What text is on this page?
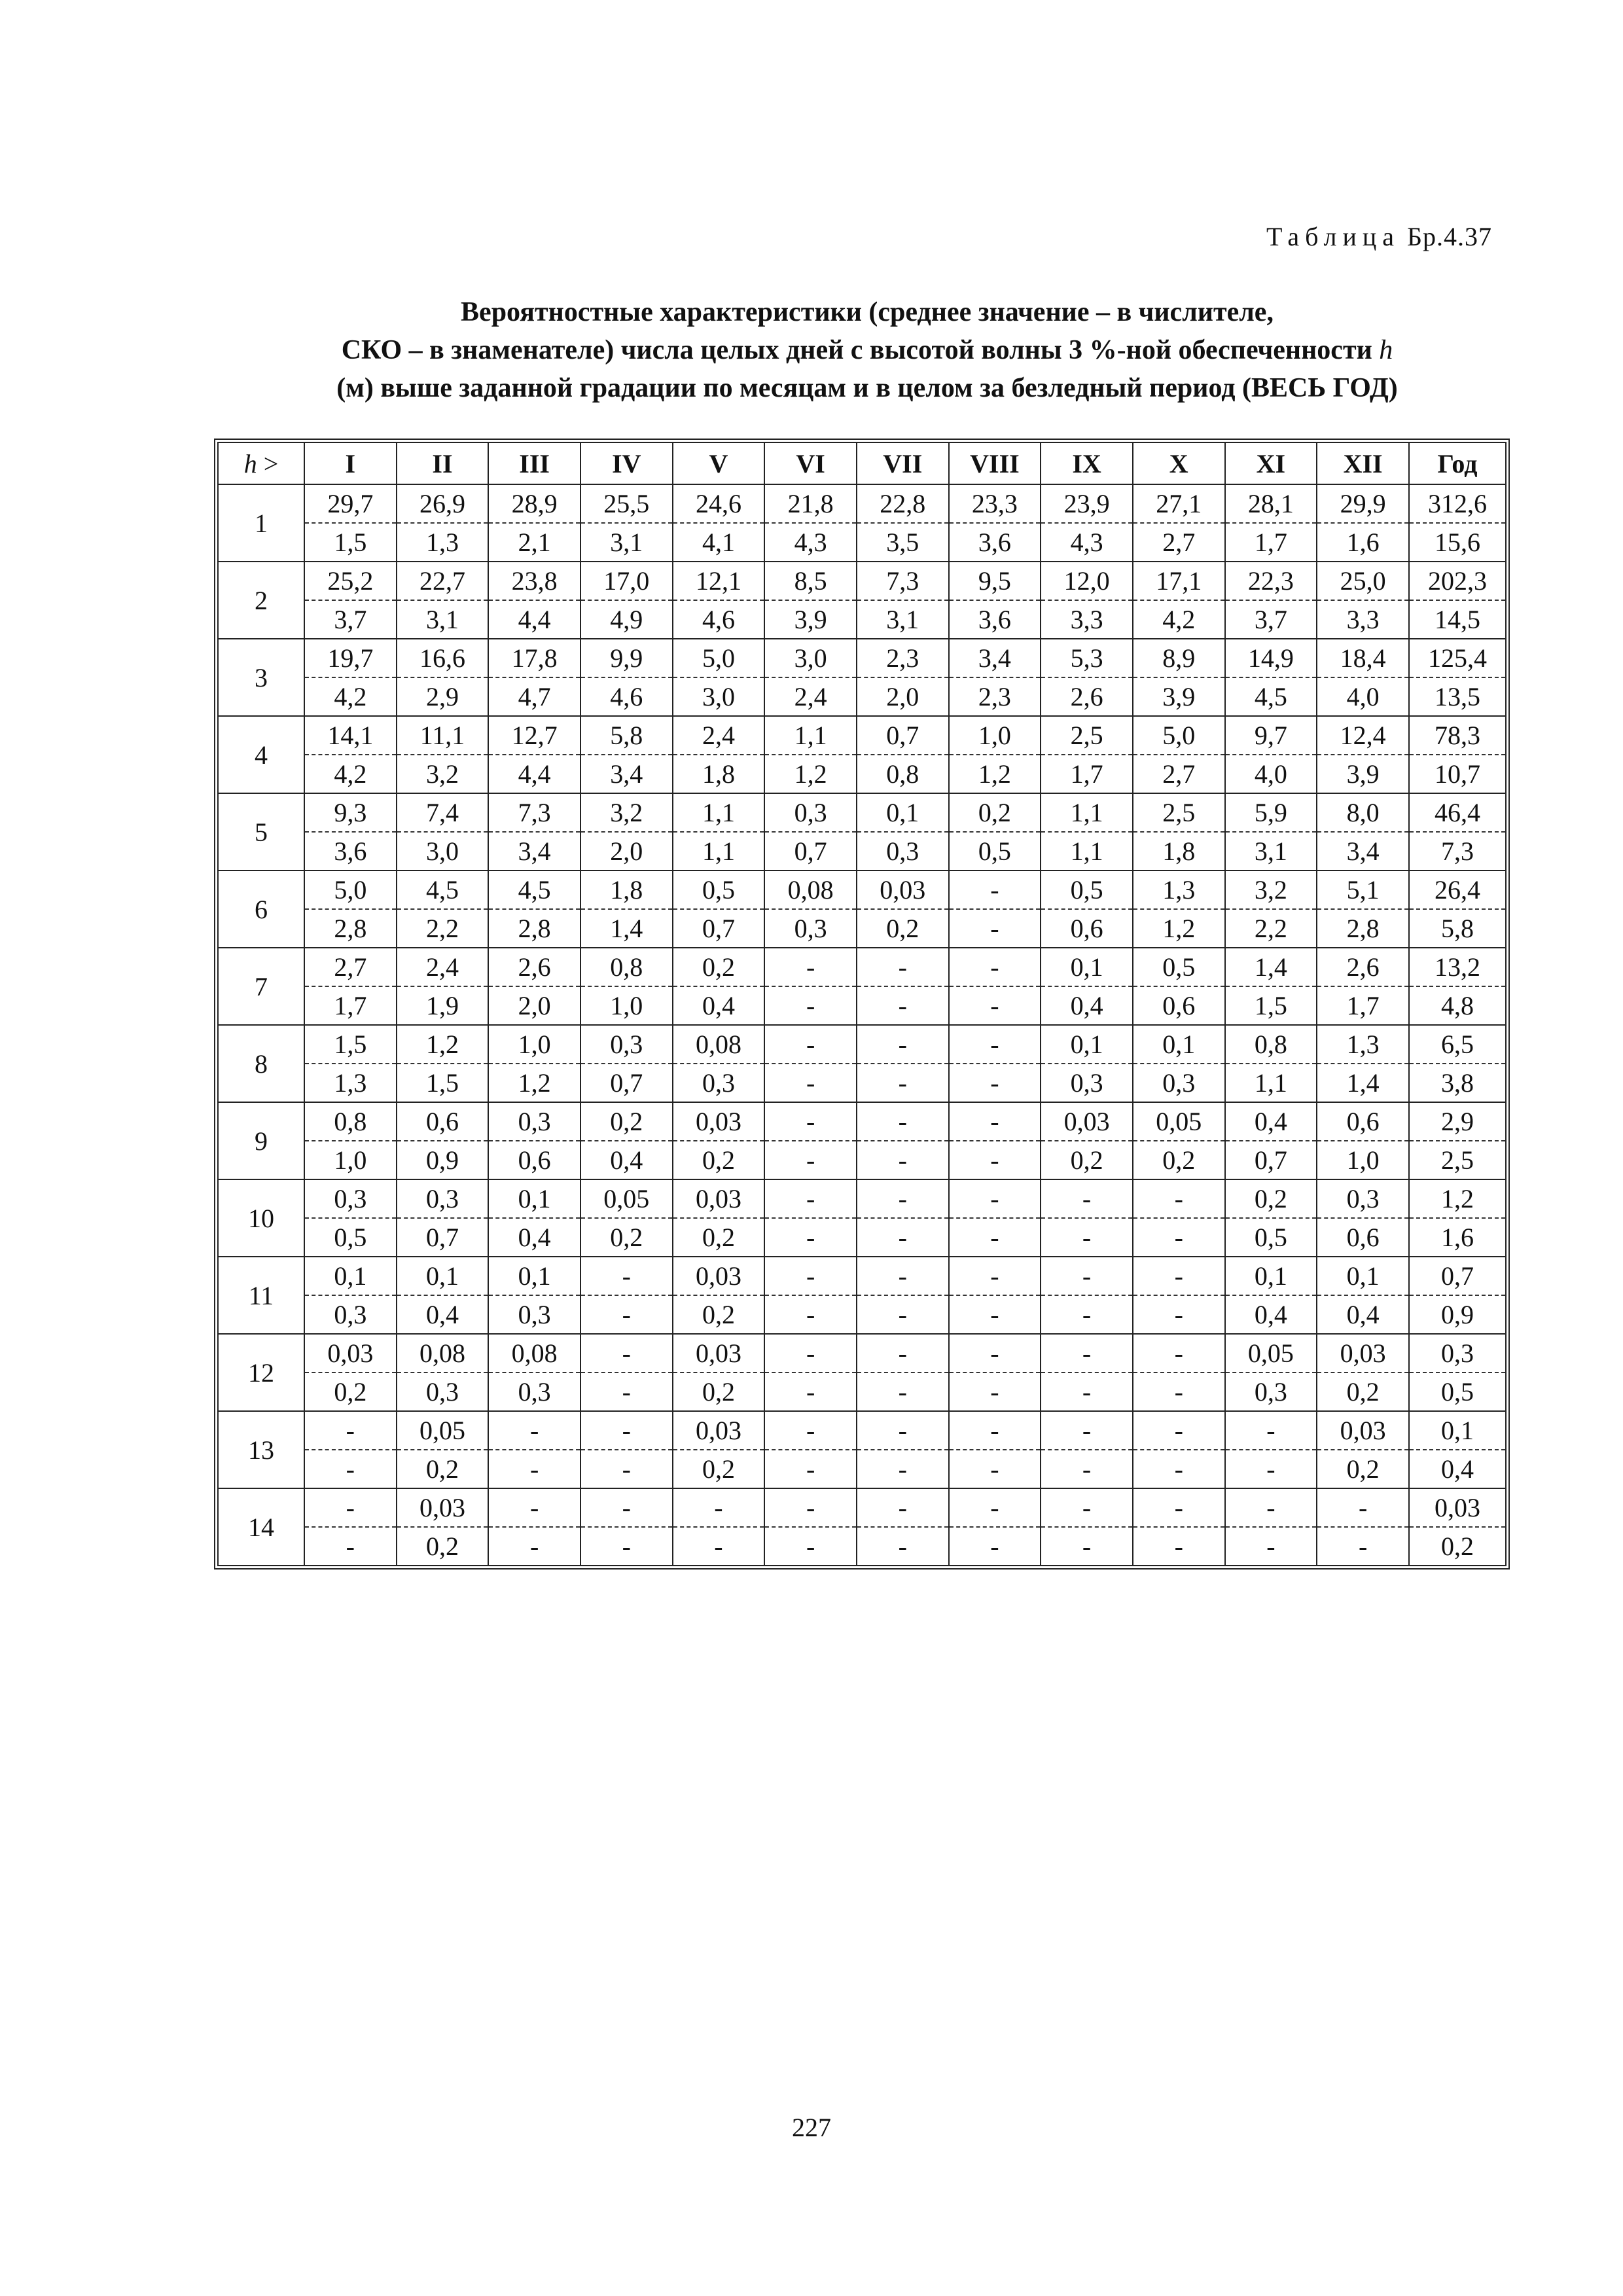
Таблица Бр.4.37
Вероятностные характеристики (среднее значение – в числителе,
СКО – в знаменателе) числа целых дней с высотой волны 3 %-ной обеспеченности h
(м) выше заданной градации по месяцам и в целом за безледный период (ВЕСЬ ГОД)
h >	I	II	III	IV	V	VI	VII	VIII	IX	X	XI	XII	Год
1	29,7	26,9	28,9	25,5	24,6	21,8	22,8	23,3	23,9	27,1	28,1	29,9	312,6
	1,5	1,3	2,1	3,1	4,1	4,3	3,5	3,6	4,3	2,7	1,7	1,6	15,6
2	25,2	22,7	23,8	17,0	12,1	8,5	7,3	9,5	12,0	17,1	22,3	25,0	202,3
	3,7	3,1	4,4	4,9	4,6	3,9	3,1	3,6	3,3	4,2	3,7	3,3	14,5
3	19,7	16,6	17,8	9,9	5,0	3,0	2,3	3,4	5,3	8,9	14,9	18,4	125,4
	4,2	2,9	4,7	4,6	3,0	2,4	2,0	2,3	2,6	3,9	4,5	4,0	13,5
4	14,1	11,1	12,7	5,8	2,4	1,1	0,7	1,0	2,5	5,0	9,7	12,4	78,3
	4,2	3,2	4,4	3,4	1,8	1,2	0,8	1,2	1,7	2,7	4,0	3,9	10,7
5	9,3	7,4	7,3	3,2	1,1	0,3	0,1	0,2	1,1	2,5	5,9	8,0	46,4
	3,6	3,0	3,4	2,0	1,1	0,7	0,3	0,5	1,1	1,8	3,1	3,4	7,3
6	5,0	4,5	4,5	1,8	0,5	0,08	0,03	-	0,5	1,3	3,2	5,1	26,4
	2,8	2,2	2,8	1,4	0,7	0,3	0,2	-	0,6	1,2	2,2	2,8	5,8
7	2,7	2,4	2,6	0,8	0,2	-	-	-	0,1	0,5	1,4	2,6	13,2
	1,7	1,9	2,0	1,0	0,4	-	-	-	0,4	0,6	1,5	1,7	4,8
8	1,5	1,2	1,0	0,3	0,08	-	-	-	0,1	0,1	0,8	1,3	6,5
	1,3	1,5	1,2	0,7	0,3	-	-	-	0,3	0,3	1,1	1,4	3,8
9	0,8	0,6	0,3	0,2	0,03	-	-	-	0,03	0,05	0,4	0,6	2,9
	1,0	0,9	0,6	0,4	0,2	-	-	-	0,2	0,2	0,7	1,0	2,5
10	0,3	0,3	0,1	0,05	0,03	-	-	-	-	-	0,2	0,3	1,2
	0,5	0,7	0,4	0,2	0,2	-	-	-	-	-	0,5	0,6	1,6
11	0,1	0,1	0,1	-	0,03	-	-	-	-	-	0,1	0,1	0,7
	0,3	0,4	0,3	-	0,2	-	-	-	-	-	0,4	0,4	0,9
12	0,03	0,08	0,08	-	0,03	-	-	-	-	-	0,05	0,03	0,3
	0,2	0,3	0,3	-	0,2	-	-	-	-	-	0,3	0,2	0,5
13	-	0,05	-	-	0,03	-	-	-	-	-	-	0,03	0,1
	-	0,2	-	-	0,2	-	-	-	-	-	-	0,2	0,4
14	-	0,03	-	-	-	-	-	-	-	-	-	-	0,03
	-	0,2	-	-	-	-	-	-	-	-	-	-	0,2
227
